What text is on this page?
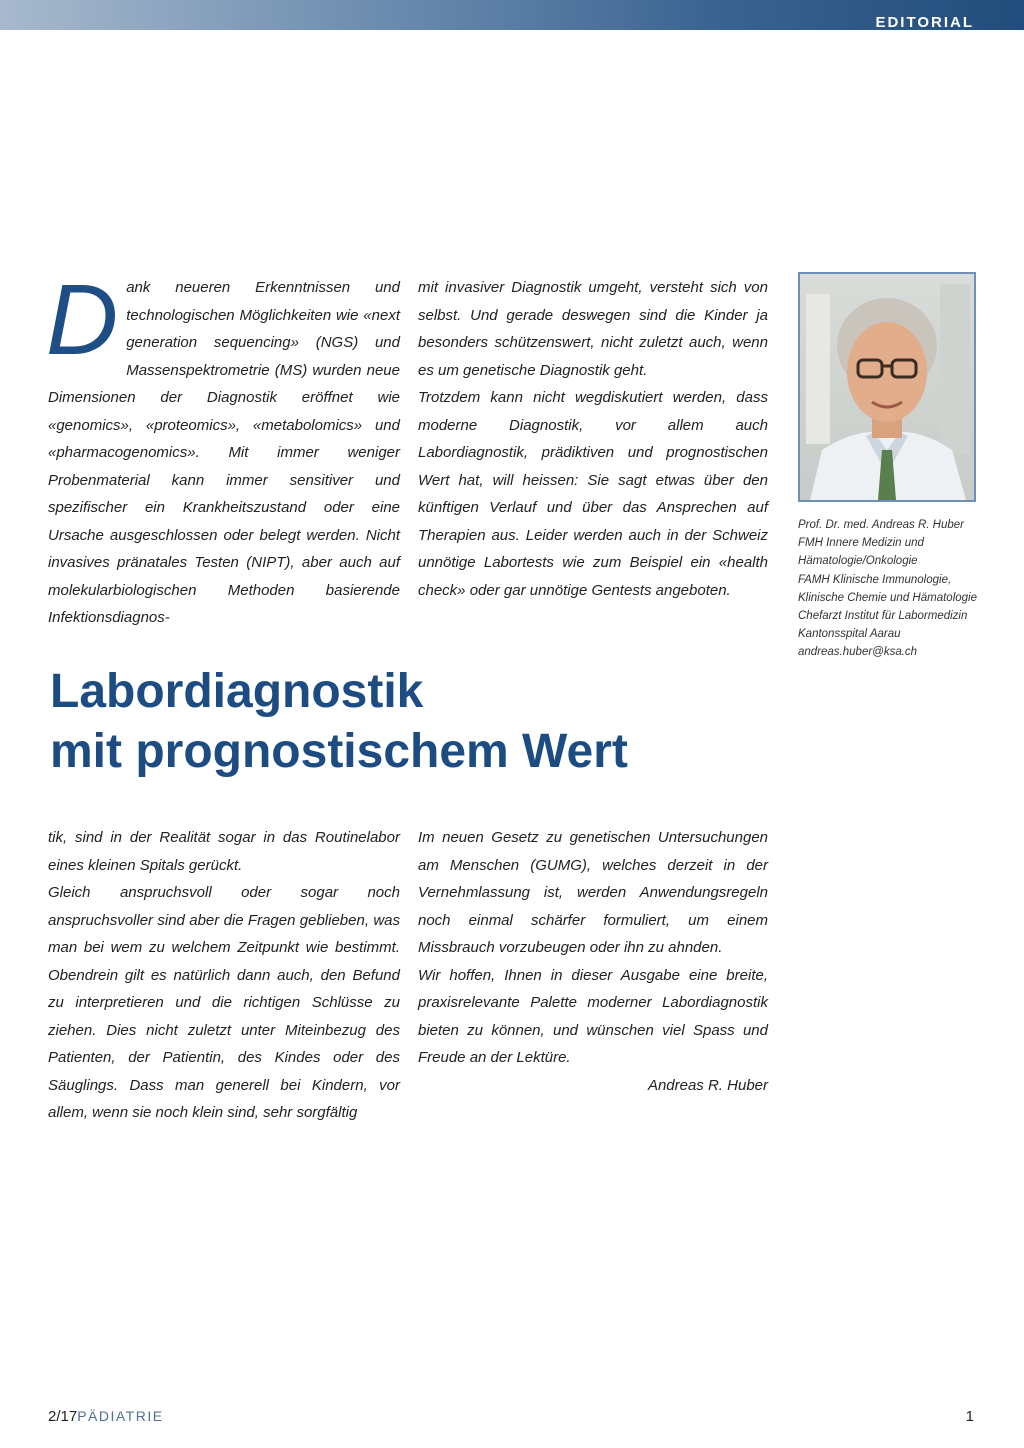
EDITORIAL
D ank neueren Erkenntnissen und technologischen Möglichkeiten wie «next generation sequencing» (NGS) und Massenspektrometrie (MS) wurden neue Dimensionen der Diagnostik eröffnet wie «genomics», «proteomics», «metabolomics» und «pharmacogenomics». Mit immer weniger Probenmaterial kann immer sensitiver und spezifischer ein Krankheitszustand oder eine Ursache ausgeschlossen oder belegt werden. Nicht invasives pränatales Testen (NIPT), aber auch auf molekularbiologischen Methoden basierende Infektionsdiagnos-

mit invasiver Diagnostik umgeht, versteht sich von selbst. Und gerade deswegen sind die Kinder ja besonders schützenswert, nicht zuletzt auch, wenn es um genetische Diagnostik geht.

Trotzdem kann nicht wegdiskutiert werden, dass moderne Diagnostik, vor allem auch Labordiagnostik, prädiktiven und prognostischen Wert hat, will heissen: Sie sagt etwas über den künftigen Verlauf und über das Ansprechen auf Therapien aus. Leider werden auch in der Schweiz unnötige Labortests wie zum Beispiel ein «health check» oder gar unnötige Gentests angeboten.

Prof. Dr. med. Andreas R. Huber
FMH Innere Medizin und
Hämatologie/Onkologie
FAMH Klinische Immunologie,
Klinische Chemie und Hämatologie
Chefarzt Institut für Labormedizin
Kantonsspital Aarau
andreas.huber@ksa.ch
Labordiagnostik
mit prognostischem Wert

tik, sind in der Realität sogar in das Routinelabor eines kleinen Spitals gerückt.

Gleich anspruchsvoll oder sogar noch anspruchsvoller sind aber die Fragen geblieben, was man bei wem zu welchem Zeitpunkt wie bestimmt. Obendrein gilt es natürlich dann auch, den Befund zu interpretieren und die richtigen Schlüsse zu ziehen. Dies nicht zuletzt unter Miteinbezug des Patienten, der Patientin, des Kindes oder des Säuglings. Dass man generell bei Kindern, vor allem, wenn sie noch klein sind, sehr sorgfältig

Im neuen Gesetz zu genetischen Untersuchungen am Menschen (GUMG), welches derzeit in der Vernehmlassung ist, werden Anwendungsregeln noch einmal schärfer formuliert, um einem Missbrauch vorzubeugen oder ihn zu ahnden.

Wir hoffen, Ihnen in dieser Ausgabe eine breite, praxisrelevante Palette moderner Labordiagnostik bieten zu können, und wünschen viel Spass und Freude an der Lektüre.

Andreas R. Huber

2/17PÄDIATRIE	1
